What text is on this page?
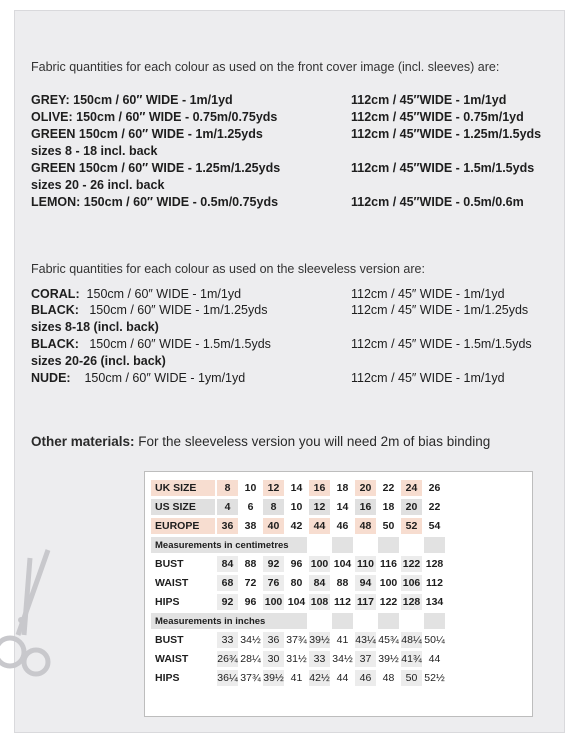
Fabric quantities for each colour as used on the front cover image (incl. sleeves) are:
GREY: 150cm / 60″ WIDE - 1m/1yd	112cm / 45″WIDE - 1m/1yd
OLIVE: 150cm / 60″ WIDE - 0.75m/0.75yds	112cm / 45″WIDE - 0.75m/1yd
GREEN 150cm / 60″ WIDE - 1m/1.25yds	112cm / 45″WIDE - 1.25m/1.5yds
sizes 8 - 18 incl. back
GREEN 150cm / 60″ WIDE - 1.25m/1.25yds	112cm / 45″WIDE - 1.5m/1.5yds
sizes 20 - 26 incl. back
LEMON: 150cm / 60″ WIDE - 0.5m/0.75yds	112cm / 45″WIDE - 0.5m/0.6m
Fabric quantities for each colour as used on the sleeveless version are:
CORAL:  150cm / 60″ WIDE - 1m/1yd	112cm / 45″ WIDE - 1m/1yd
BLACK:   150cm / 60″ WIDE - 1m/1.25yds	112cm / 45″ WIDE - 1m/1.25yds
sizes 8-18 (incl. back)
BLACK:   150cm / 60″ WIDE - 1.5m/1.5yds	112cm / 45″ WIDE - 1.5m/1.5yds
sizes 20-26 (incl. back)
NUDE:    150cm / 60″ WIDE - 1ym/1yd	112cm / 45″ WIDE - 1m/1yd
Other materials: For the sleeveless version you will need 2m of bias binding
UK SIZE	8	10	12	14	16	18	20	22	24	26
US SIZE	4	6	8	10	12	14	16	18	20	22
EUROPE	36	38	40	42	44	46	48	50	52	54
Measurements in centimetres										
BUST	84	88	92	96	100	104	110	116	122	128
WAIST	68	72	76	80	84	88	94	100	106	112
HIPS	92	96	100	104	108	112	117	122	128	134
Measurements in inches										
BUST	33	34½	36	37¾	39½	41	43¼	45¾	48¼	50¼
WAIST	26¾	28¼	30	31½	33	34½	37	39½	41¾	44
HIPS	36¼	37¾	39½	41	42½	44	46	48	50	52½
